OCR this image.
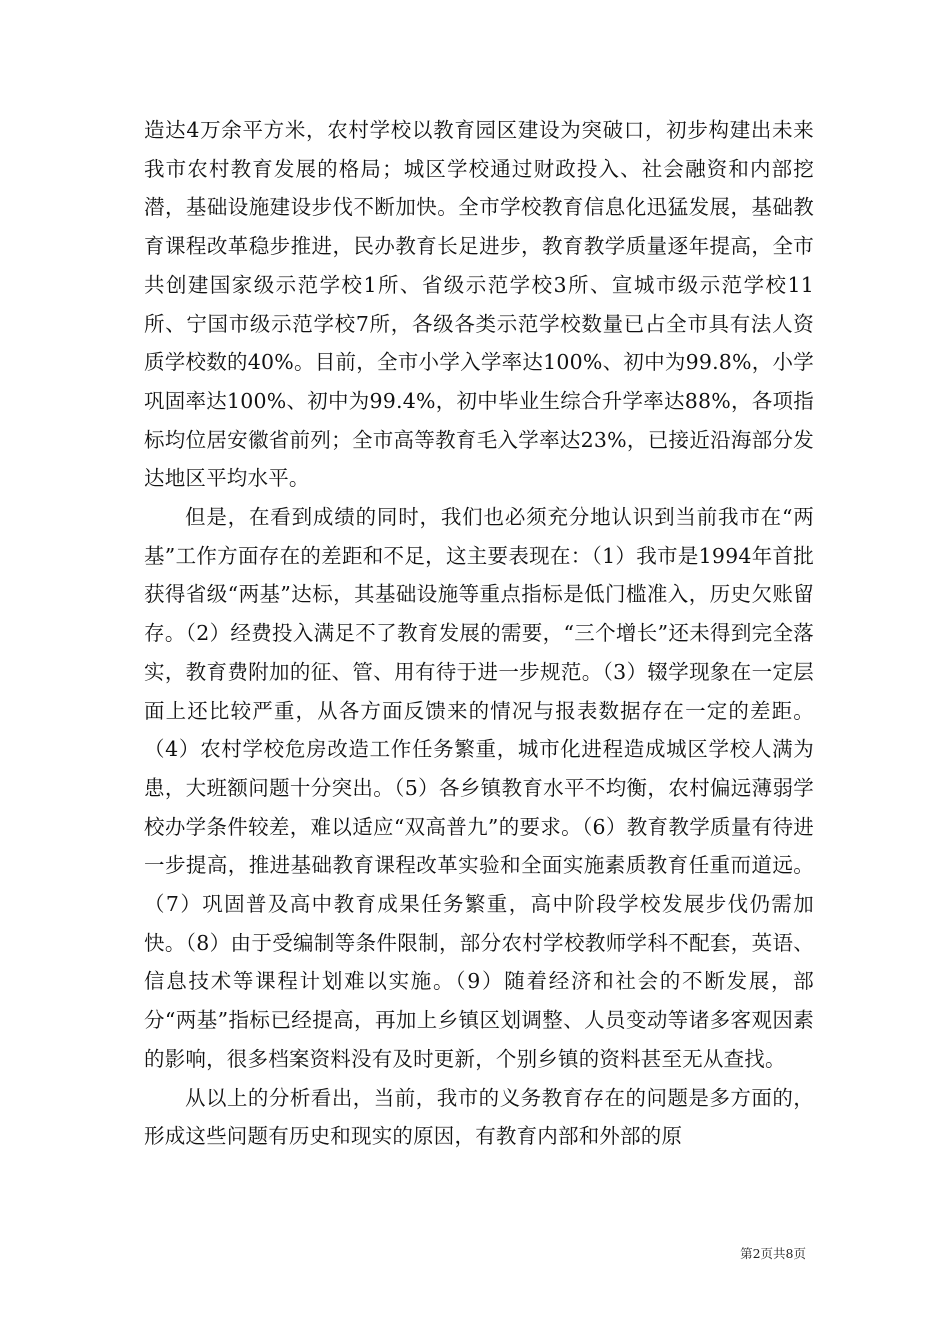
造达4万余平方米，农村学校以教育园区建设为突破口，初步构建出未来我市农村教育发展的格局；城区学校通过财政投入、社会融资和内部挖潜，基础设施建设步伐不断加快。全市学校教育信息化迅猛发展，基础教育课程改革稳步推进，民办教育长足进步，教育教学质量逐年提高，全市共创建国家级示范学校1所、省级示范学校3所、宣城市级示范学校11所、宁国市级示范学校7所，各级各类示范学校数量已占全市具有法人资质学校数的40%。目前，全市小学入学率达100%、初中为99.8%，小学巩固率达100%、初中为99.4%，初中毕业生综合升学率达88%，各项指标均位居安徽省前列；全市高等教育毛入学率达23%，已接近沿海部分发达地区平均水平。

但是，在看到成绩的同时，我们也必须充分地认识到当前我市在“两基”工作方面存在的差距和不足，这主要表现在：（1）我市是1994年首批获得省级“两基”达标，其基础设施等重点指标是低门槛准入，历史欠账留存。（2）经费投入满足不了教育发展的需要，“三个增长”还未得到完全落实，教育费附加的征、管、用有待于进一步规范。（3）辍学现象在一定层面上还比较严重，从各方面反馈来的情况与报表数据存在一定的差距。（4）农村学校危房改造工作任务繁重，城市化进程造成城区学校人满为患，大班额问题十分突出。（5）各乡镇教育水平不均衡，农村偏远薄弱学校办学条件较差，难以适应“双高普九”的要求。（6）教育教学质量有待进一步提高，推进基础教育课程改革实验和全面实施素质教育任重而道远。（7）巩固普及高中教育成果任务繁重，高中阶段学校发展步伐仍需加快。（8）由于受编制等条件限制，部分农村学校教师学科不配套，英语、信息技术等课程计划难以实施。（9）随着经济和社会的不断发展，部分“两基”指标已经提高，再加上乡镇区划调整、人员变动等诸多客观因素的影响，很多档案资料没有及时更新，个别乡镇的资料甚至无从查找。

从以上的分析看出，当前，我市的义务教育存在的问题是多方面的，形成这些问题有历史和现实的原因，有教育内部和外部的原

第2页共8页
